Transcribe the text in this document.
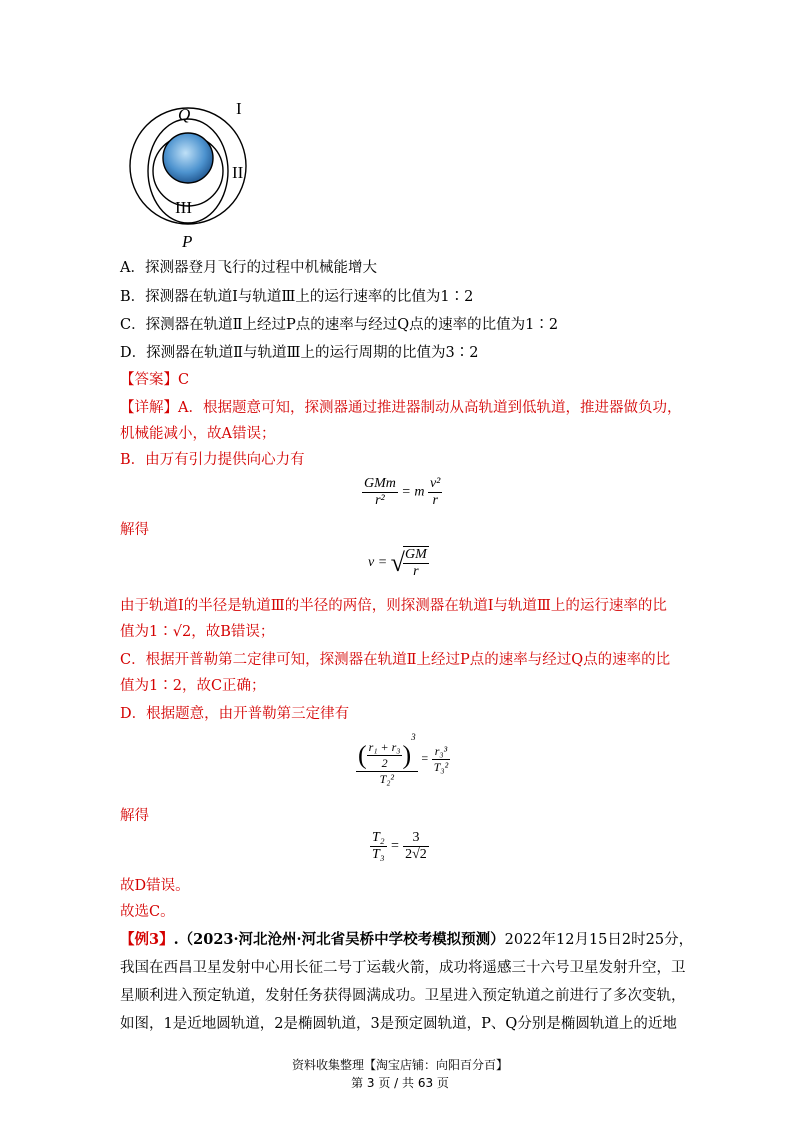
Q	I
II
III
P
A．探测器登月飞行的过程中机械能增大
B．探测器在轨道Ⅰ与轨道Ⅲ上的运行速率的比值为1∶2
C．探测器在轨道Ⅱ上经过P点的速率与经过Q点的速率的比值为1∶2
D．探测器在轨道Ⅱ与轨道Ⅲ上的运行周期的比值为3∶2
【答案】C
【详解】A．根据题意可知，探测器通过推进器制动从高轨道到低轨道，推进器做负功，
机械能减小，故A错误；
B．由万有引力提供向心力有
$\frac{\text{GMm}}{\text{r²}} = m \frac{\text{v²}}{r}$
解得
v = √
$\frac{GM}{r}$
由于轨道Ⅰ的半径是轨道Ⅲ的半径的两倍，则探测器在轨道Ⅰ与轨道Ⅲ上的运行速率的比
值为1∶√2，故B错误；
C．根据开普勒第二定律可知，探测器在轨道Ⅱ上经过P点的速率与经过Q点的速率的比
值为1∶2，故C正确；
D．根据题意，由开普勒第三定律有
$\frac{( \frac{\text{r₁ + r₃}}{2} )^3}{\text{T₂²}} = \frac{\text{r₃³}}{\text{T₃²}}$
解得
$\frac{\text{T₂}}{\text{T₃}} = \frac{3}{2√2}$
故D错误。
故选C。
【例3】.（2023·河北沧州·河北省吴桥中学校考模拟预测）2022年12月15日2时25分，
我国在西昌卫星发射中心用长征二号丁运载火箭，成功将遥感三十六号卫星发射升空，卫
星顺利进入预定轨道，发射任务获得圆满成功。卫星进入预定轨道之前进行了多次变轨，
如图，1是近地圆轨道，2是椭圆轨道，3是预定圆轨道，P、Q分别是椭圆轨道上的近地
资料收集整理【淘宝店铺：向阳百分百】
第 3 页 / 共 63 页
